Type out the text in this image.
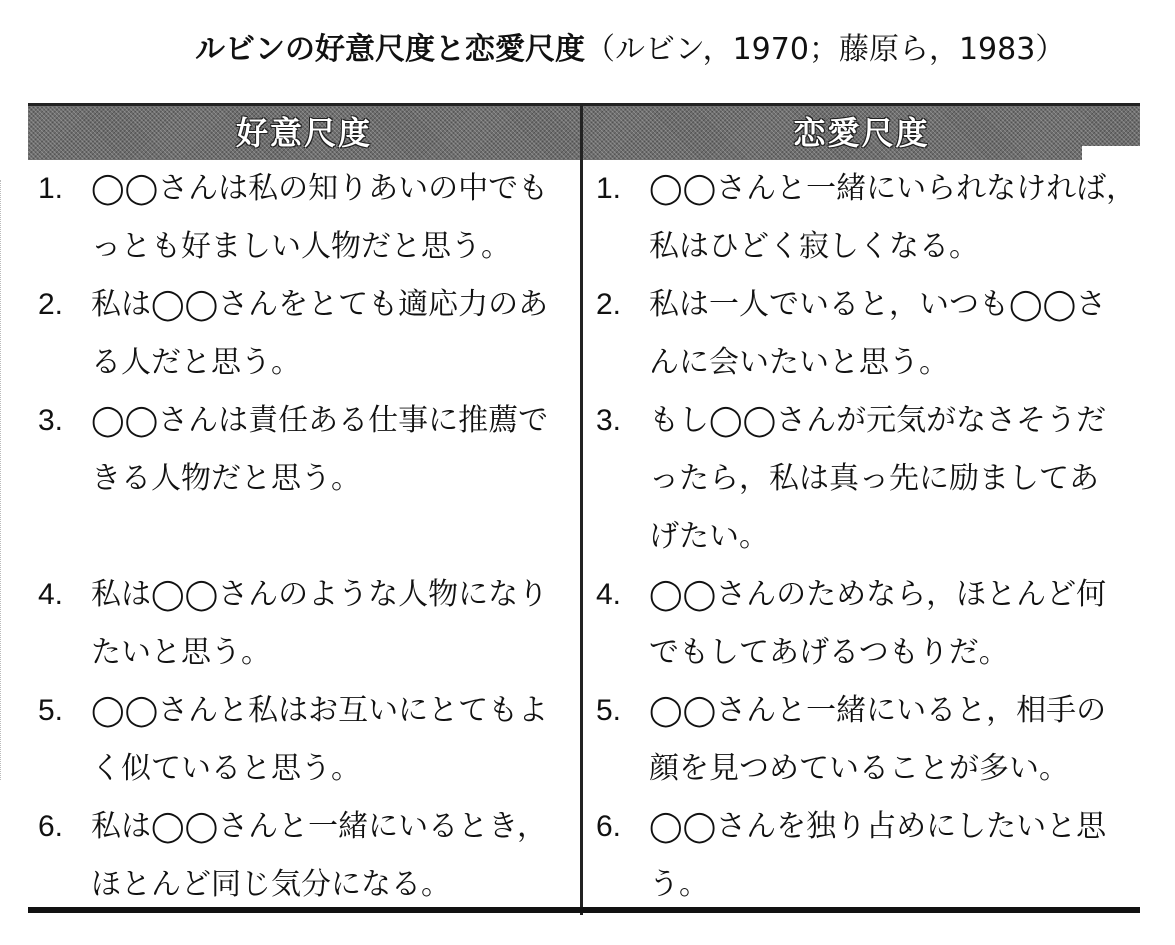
ルビンの好意尺度と恋愛尺度（ルビン，1970；藤原ら，1983）
好意尺度	恋愛尺度
1. ◯◯さんは私の知りあいの中でも
っとも好ましい人物だと思う。
2. 私は◯◯さんをとても適応力のあ
る人だと思う。
3. ◯◯さんは責任ある仕事に推薦で
きる人物だと思う。
4. 私は◯◯さんのような人物になり
たいと思う。
5. ◯◯さんと私はお互いにとてもよ
く似ていると思う。
6. 私は◯◯さんと一緒にいるとき，
ほとんど同じ気分になる。
1. ◯◯さんと一緒にいられなければ，
私はひどく寂しくなる。
2. 私は一人でいると，いつも◯◯さ
んに会いたいと思う。
3. もし◯◯さんが元気がなさそうだ
ったら，私は真っ先に励ましてあ
げたい。
4. ◯◯さんのためなら，ほとんど何
でもしてあげるつもりだ。
5. ◯◯さんと一緒にいると，相手の
顔を見つめていることが多い。
6. ◯◯さんを独り占めにしたいと思
う。
